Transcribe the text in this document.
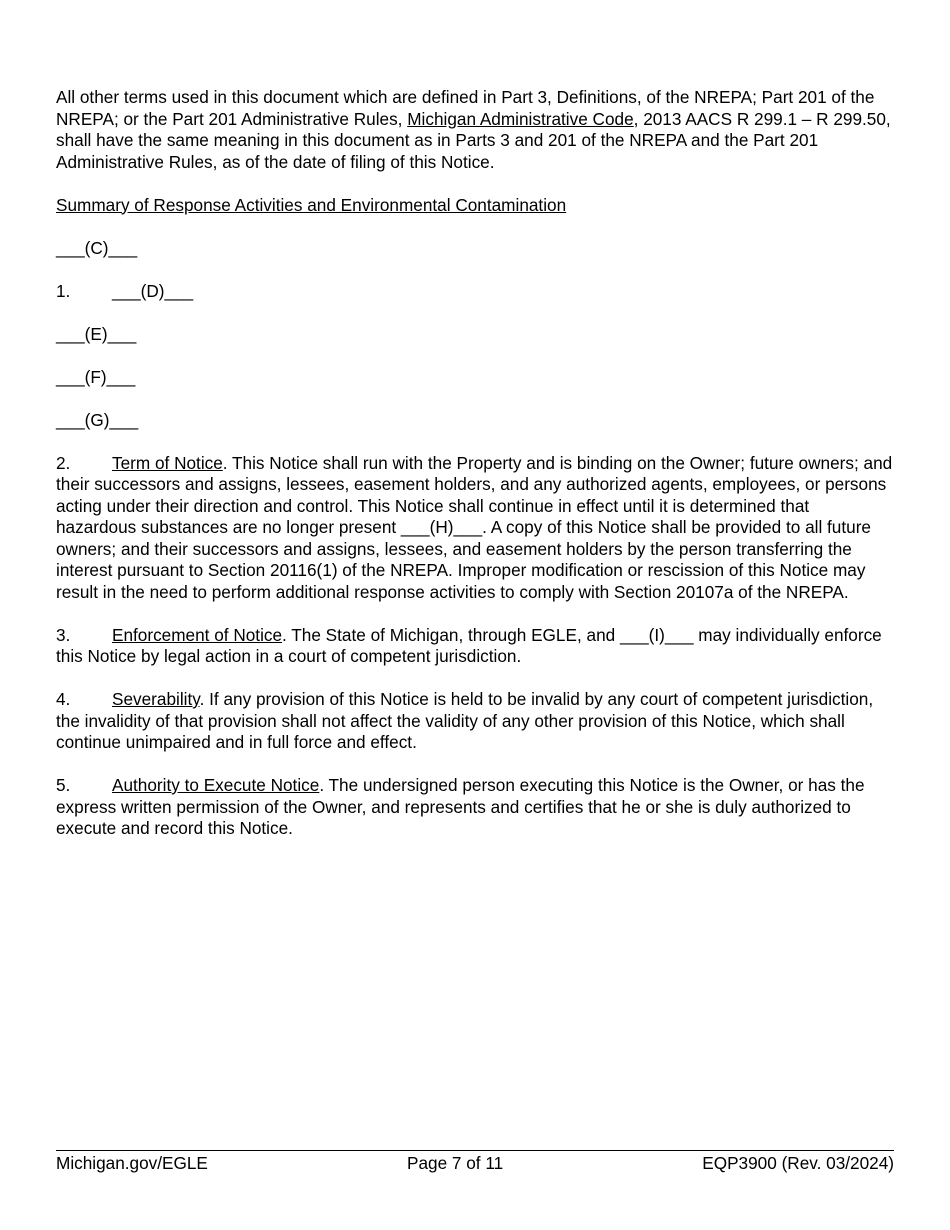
All other terms used in this document which are defined in Part 3, Definitions, of the NREPA; Part 201 of the NREPA; or the Part 201 Administrative Rules, Michigan Administrative Code, 2013 AACS R 299.1 – R 299.50, shall have the same meaning in this document as in Parts 3 and 201 of the NREPA and the Part 201 Administrative Rules, as of the date of filing of this Notice.

Summary of Response Activities and Environmental Contamination

___(C)___

1. ___(D)___

___(E)___

___(F)___

___(G)___

2. Term of Notice. This Notice shall run with the Property and is binding on the Owner; future owners; and their successors and assigns, lessees, easement holders, and any authorized agents, employees, or persons acting under their direction and control. This Notice shall continue in effect until it is determined that hazardous substances are no longer present ___(H)___. A copy of this Notice shall be provided to all future owners; and their successors and assigns, lessees, and easement holders by the person transferring the interest pursuant to Section 20116(1) of the NREPA. Improper modification or rescission of this Notice may result in the need to perform additional response activities to comply with Section 20107a of the NREPA.

3. Enforcement of Notice. The State of Michigan, through EGLE, and ___(I)___ may individually enforce this Notice by legal action in a court of competent jurisdiction.

4. Severability. If any provision of this Notice is held to be invalid by any court of competent jurisdiction, the invalidity of that provision shall not affect the validity of any other provision of this Notice, which shall continue unimpaired and in full force and effect.

5. Authority to Execute Notice. The undersigned person executing this Notice is the Owner, or has the express written permission of the Owner, and represents and certifies that he or she is duly authorized to execute and record this Notice.

Michigan.gov/EGLE	Page 7 of 11	EQP3900 (Rev. 03/2024)
